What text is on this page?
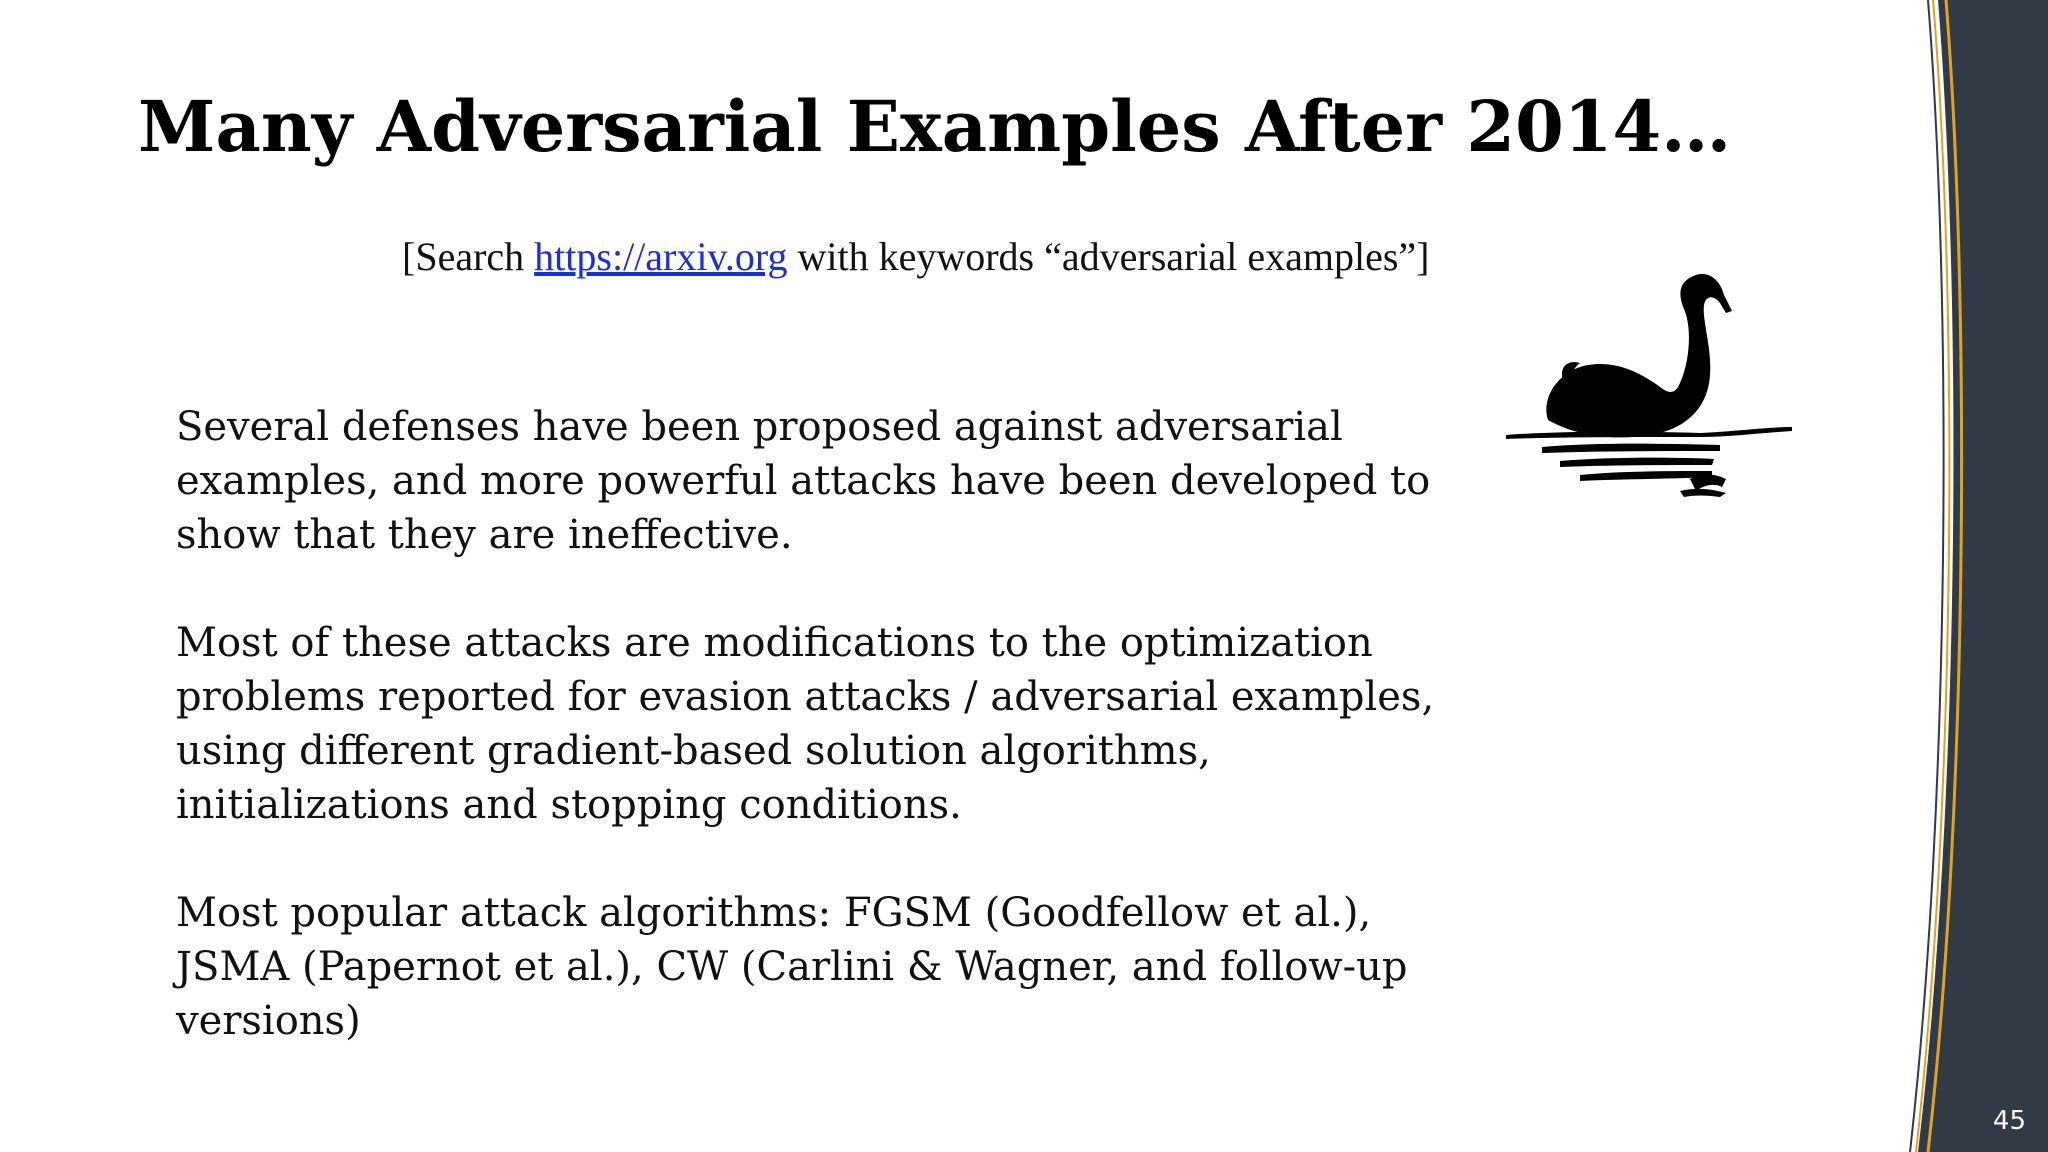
Many Adversarial Examples After 2014…
[Search https://arxiv.org with keywords “adversarial examples”]

Several defenses have been proposed against adversarial
examples, and more powerful attacks have been developed to
show that they are ineffective.

Most of these attacks are modifications to the optimization
problems reported for evasion attacks / adversarial examples,
using different gradient-based solution algorithms,
initializations and stopping conditions.

Most popular attack algorithms: FGSM (Goodfellow et al.),
JSMA (Papernot et al.), CW (Carlini & Wagner, and follow-up
versions)

45
